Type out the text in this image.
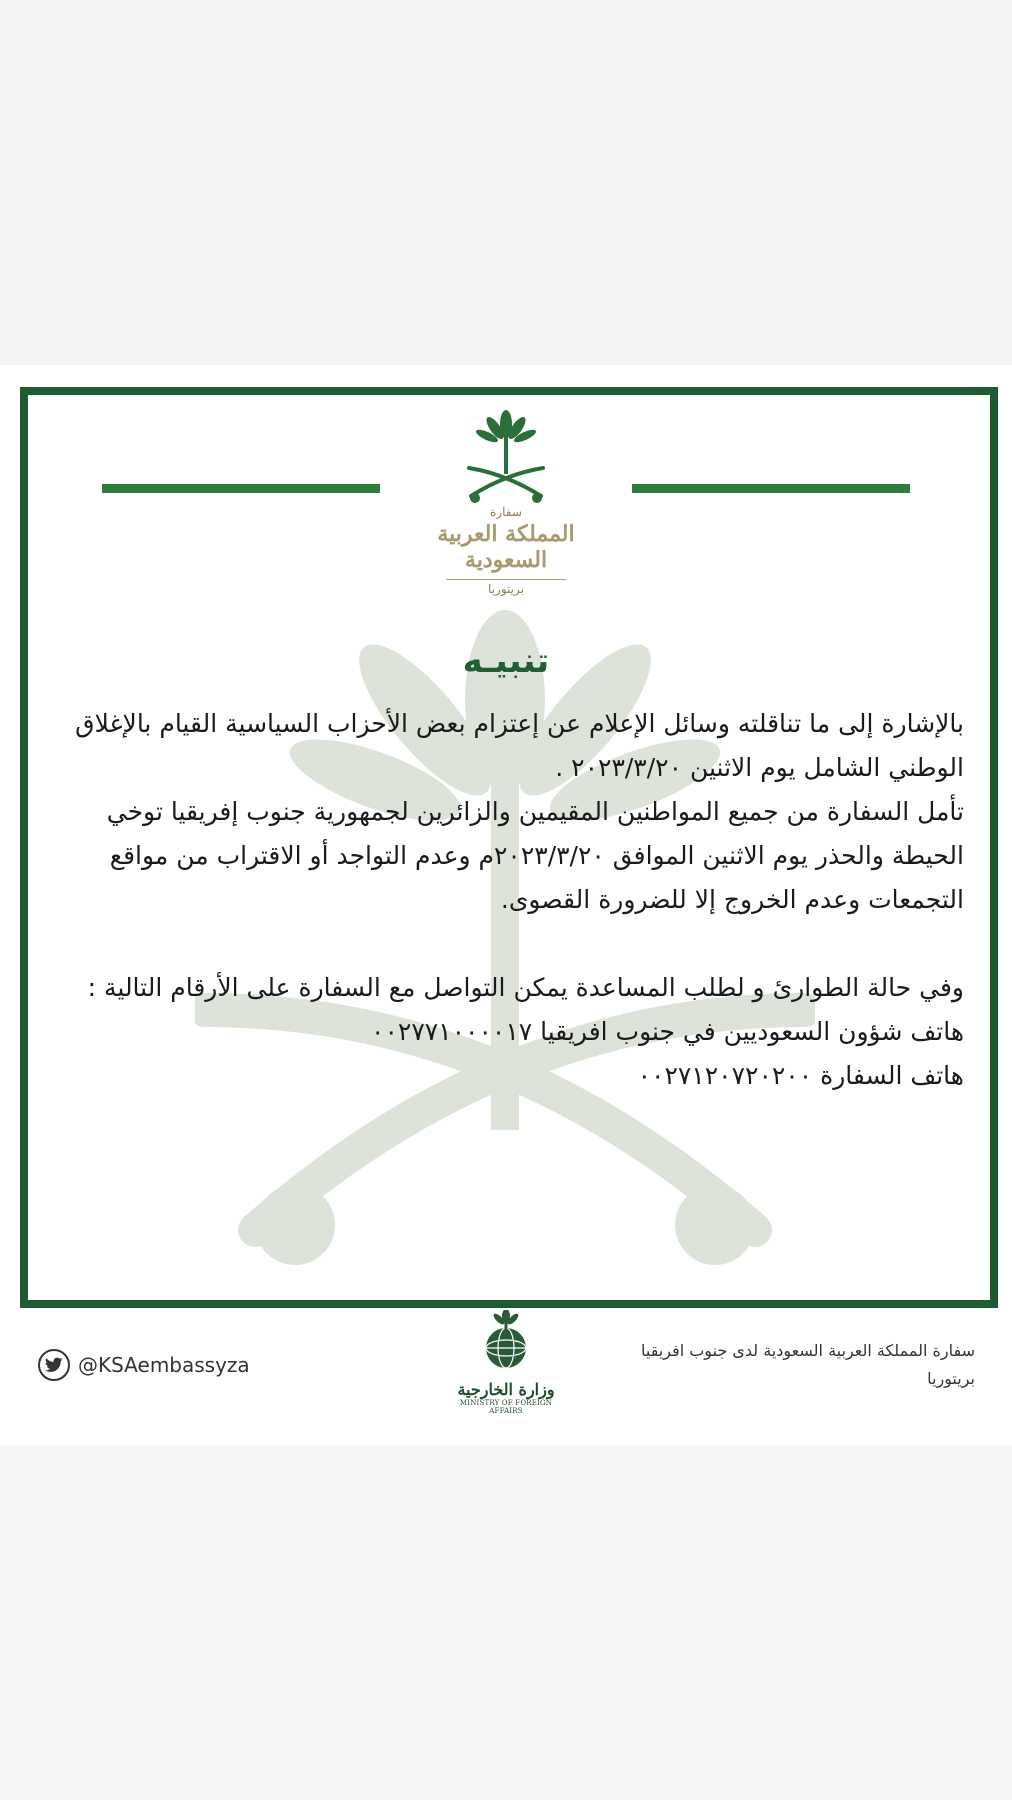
سفارة
المملكة العربية السعودية
بريتوريا
تنبيـه

بالإشارة إلى ما تناقلته وسائل الإعلام عن إعتزام بعض الأحزاب السياسية القيام بالإغلاق الوطني الشامل يوم الاثنين ٢٠٢٣/٣/٢٠ .

تأمل السفارة من جميع المواطنين المقيمين والزائرين لجمهورية جنوب إفريقيا توخي الحيطة والحذر يوم الاثنين الموافق ٢٠٢٣/٣/٢٠م وعدم التواجد أو الاقتراب من مواقع التجمعات وعدم الخروج إلا للضرورة القصوى.

وفي حالة الطوارئ و لطلب المساعدة يمكن التواصل مع السفارة على الأرقام التالية :

هاتف شؤون السعوديين في جنوب افريقيا ٠٠٢٧٧١٠٠٠٠١٧

هاتف السفارة ٠٠٢٧١٢٠٧٢٠٢٠٠

@KSAembassyza
وزارة الخارجية
MINISTRY OF FOREIGN AFFAIRS
سفارة المملكة العربية السعودية لدى جنوب افريقيا
بريتوريا
